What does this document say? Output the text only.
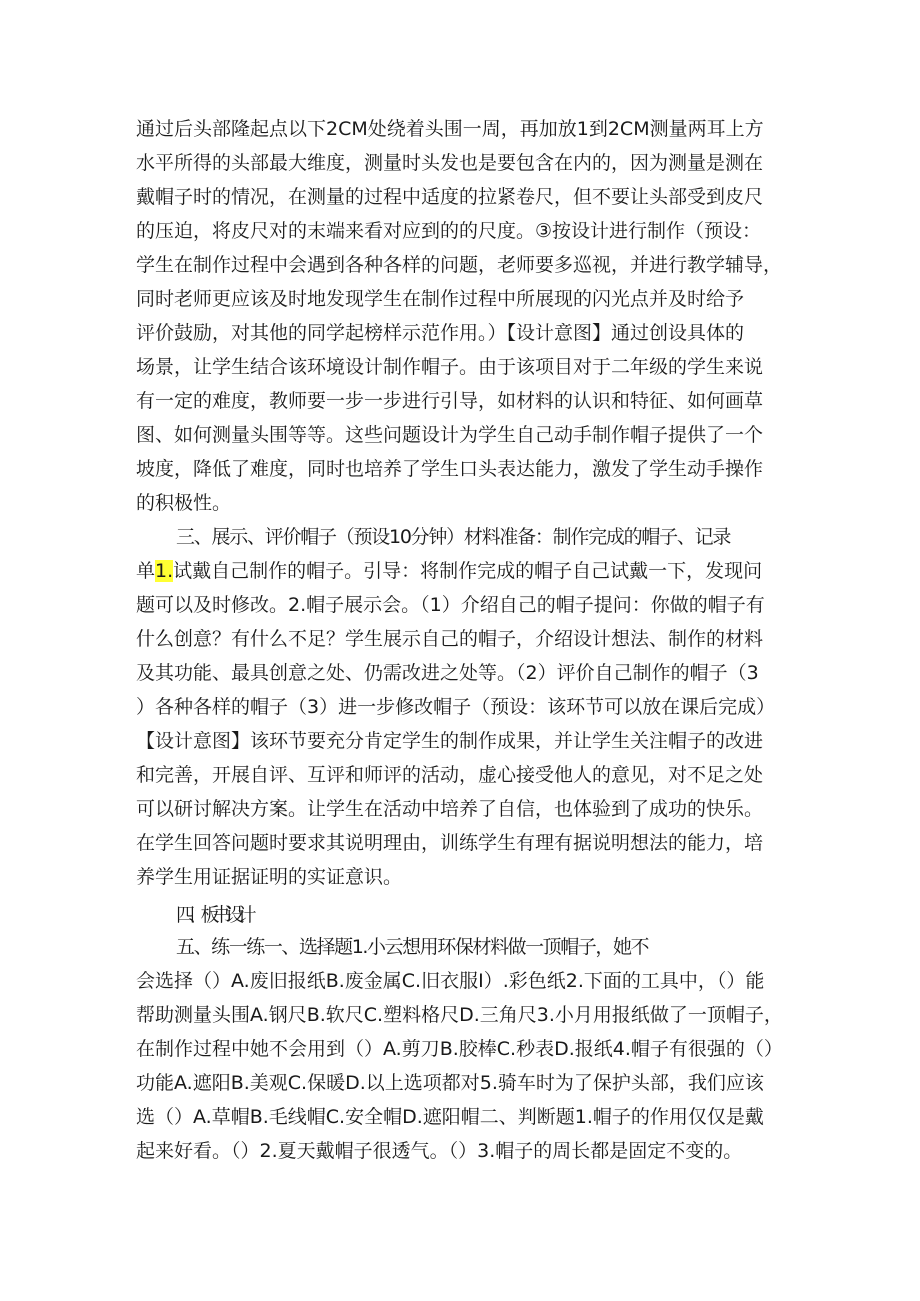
通过后头部隆起点以下2CM处绕着头围一周，再加放1到2CM测量两耳上方
水平所得的头部最大维度，测量时头发也是要包含在内的，因为测量是测在
戴帽子时的情况，在测量的过程中适度的拉紧卷尺，但不要让头部受到皮尺
的压迫，将皮尺对的末端来看对应到的的尺度。③按设计进行制作（预设：
学生在制作过程中会遇到各种各样的问题，老师要多巡视，并进行教学辅导，
同时老师更应该及时地发现学生在制作过程中所展现的闪光点并及时给予
评价鼓励，对其他的同学起榜样示范作用。）【设计意图】通过创设具体的
场景，让学生结合该环境设计制作帽子。由于该项目对于二年级的学生来说
有一定的难度，教师要一步一步进行引导，如材料的认识和特征、如何画草
图、如何测量头围等等。这些问题设计为学生自己动手制作帽子提供了一个
坡度，降低了难度，同时也培养了学生口头表达能力，激发了学生动手操作
的积极性。
三、展示、评价帽子（预设10分钟）材料准备：制作完成的帽子、记录
单1.试戴自己制作的帽子。引导：将制作完成的帽子自己试戴一下，发现问
题可以及时修改。2.帽子展示会。（1）介绍自己的帽子提问：你做的帽子有
什么创意？有什么不足？学生展示自己的帽子，介绍设计想法、制作的材料
及其功能、最具创意之处、仍需改进之处等。（2）评价自己制作的帽子（3
）各种各样的帽子（3）进一步修改帽子（预设：该环节可以放在课后完成）
【设计意图】该环节要充分肯定学生的制作成果，并让学生关注帽子的改进
和完善，开展自评、互评和师评的活动，虚心接受他人的意见，对不足之处
可以研讨解决方案。让学生在活动中培养了自信，也体验到了成功的快乐。
在学生回答问题时要求其说明理由，训练学生有理有据说明想法的能力，培
养学生用证据证明的实证意识。
四、板书设计
五、练一练一、选择题1.小云想用环保材料做一顶帽子，她不
会选择（）A.废旧报纸B.废金属C.旧衣服I）.彩色纸2.下面的工具中，（）能
帮助测量头围A.钢尺B.软尺C.塑料格尺D.三角尺3.小月用报纸做了一顶帽子，
在制作过程中她不会用到（）A.剪刀B.胶棒C.秒表D.报纸4.帽子有很强的（）
功能A.遮阳B.美观C.保暖D.以上选项都对5.骑车时为了保护头部，我们应该
选（）A.草帽B.毛线帽C.安全帽D.遮阳帽二、判断题1.帽子的作用仅仅是戴
起来好看。（）2.夏天戴帽子很透气。（）3.帽子的周长都是固定不变的。
